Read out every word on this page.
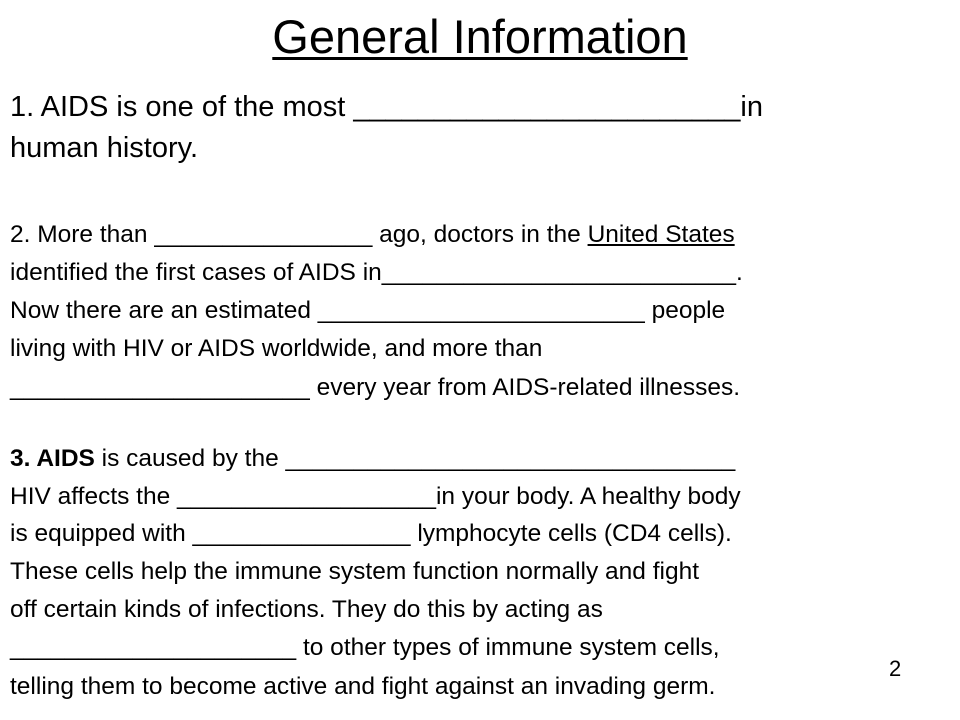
General Information

1. AIDS is one of the most ________________________in

human history.

2. More than ________________ ago, doctors in the United States

identified the first cases of AIDS in__________________________.

Now there are an estimated ________________________ people

living with HIV or AIDS worldwide, and more than

______________________ every year from AIDS-related illnesses.

3. AIDS is caused by the _________________________________

HIV affects the ___________________in your body. A healthy body

is equipped with ________________ lymphocyte cells (CD4 cells).

These cells help the immune system function normally and fight

off certain kinds of infections. They do this by acting as

_____________________ to other types of immune system cells,

telling them to become active and fight against an invading germ.

2
